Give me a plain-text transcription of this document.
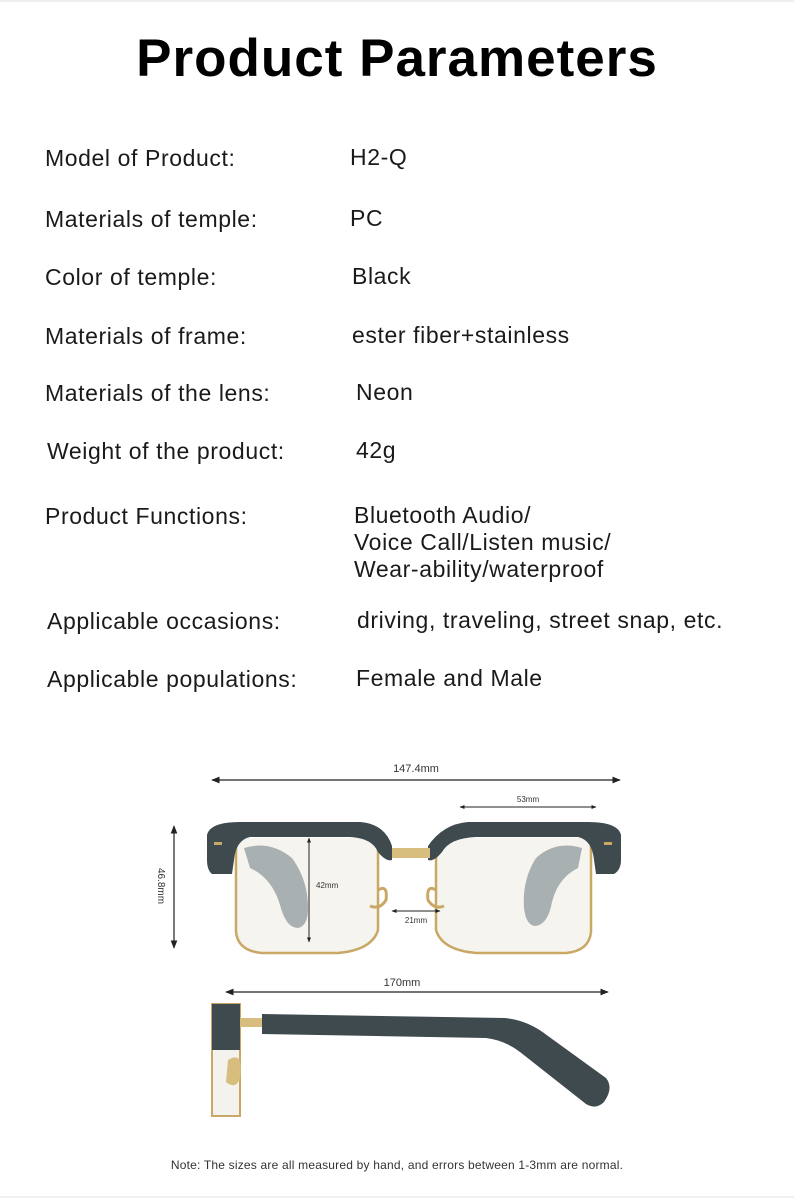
Product Parameters
Model of Product:	H2-Q
Materials of temple:	PC
Color of temple:	Black
Materials of frame:	ester fiber+stainless
Materials of the lens:	Neon
Weight of the product:	42g
Product Functions:	Bluetooth Audio/
Voice Call/Listen music/
Wear-ability/waterproof
Applicable occasions:	driving, traveling, street snap, etc.
Applicable populations:	Female and Male
147.4mm
53mm
46.8mm	42mm
21mm
170mm
Note: The sizes are all measured by hand, and errors between 1-3mm are normal.
